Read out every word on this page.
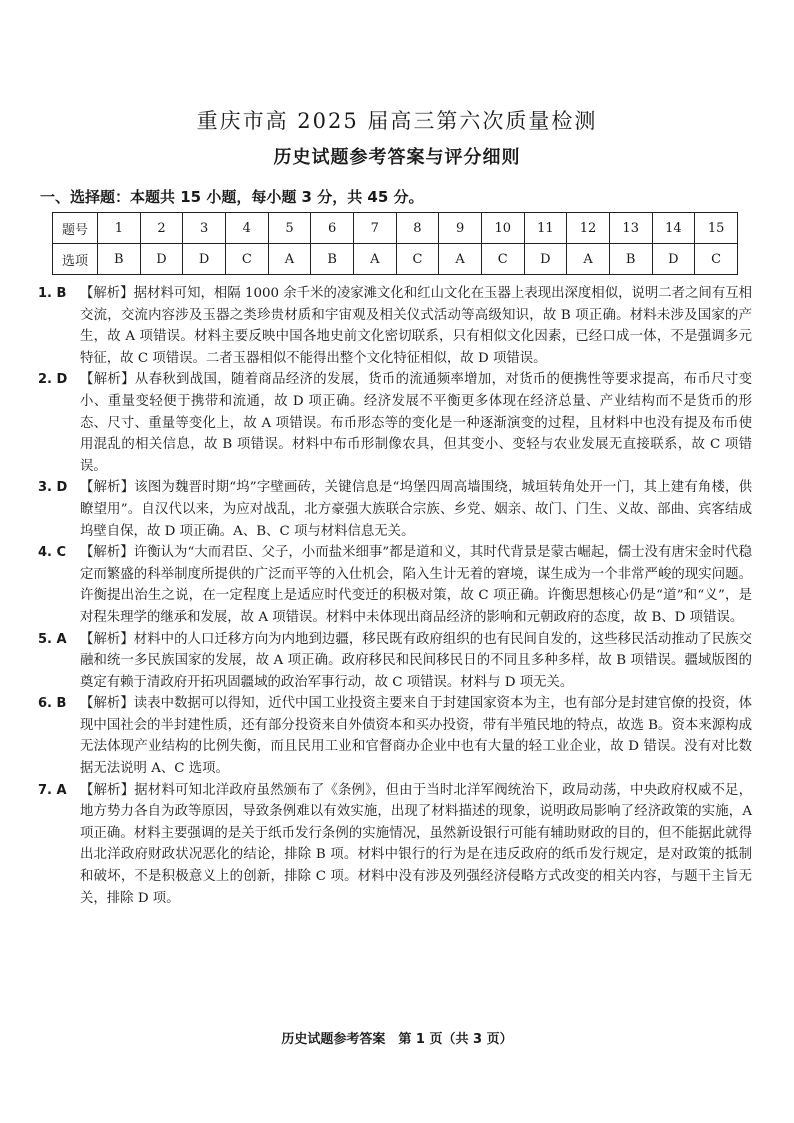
重庆市高 2025 届高三第六次质量检测
历史试题参考答案与评分细则
一、选择题：本题共 15 小题，每小题 3 分，共 45 分。
题号	1	2	3	4	5	6	7	8	9	10	11	12	13	14	15
选项	B	D	D	C	A	B	A	C	A	C	D	A	B	D	C
1. B	【解析】据材料可知，相隔 1000 余千米的凌家滩文化和红山文化在玉器上表现出深度相似，说明二者之间有互相交流，交流内容涉及玉器之类珍贵材质和宇宙观及相关仪式活动等高级知识，故 B 项正确。材料未涉及国家的产生，故 A 项错误。材料主要反映中国各地史前文化密切联系，只有相似文化因素，已经口成一体，不是强调多元特征，故 C 项错误。二者玉器相似不能得出整个文化特征相似，故 D 项错误。
2. D 【解析】从春秋到战国，随着商品经济的发展，货币的流通频率增加，对货币的便携性等要求提高，布币尺寸变小、重量变轻便于携带和流通，故 D 项正确。经济发展不平衡更多体现在经济总量、产业结构而不是货币的形态、尺寸、重量等变化上，故 A 项错误。布币形态等的变化是一种逐渐演变的过程，且材料中也没有提及布币使用混乱的相关信息，故 B 项错误。材料中布币形制像农具，但其变小、变轻与农业发展无直接联系，故 C 项错误。
3. D 【解析】该图为魏晋时期“坞”字壁画砖，关键信息是“坞堡四周高墙围绕，城垣转角处开一门，其上建有角楼，供瞭望用”。自汉代以来，为应对战乱，北方豪强大族联合宗族、乡党、姻亲、故门、门生、义故、部曲、宾客结成坞壁自保，故 D 项正确。A、B、C 项与材料信息无关。
4. C	【解析】许衡认为“大而君臣、父子，小而盐米细事”都是道和义，其时代背景是蒙古崛起，儒士没有唐宋金时代稳定而繁盛的科举制度所提供的广泛而平等的入仕机会，陷入生计无着的窘境，谋生成为一个非常严峻的现实问题。许衡提出治生之说，在一定程度上是适应时代变迁的积极对策，故 C 项正确。许衡思想核心仍是“道”和“义”，是对程朱理学的继承和发展，故 A 项错误。材料中未体现出商品经济的影响和元朝政府的态度，故 B、D 项错误。
5. A	【解析】材料中的人口迁移方向为内地到边疆，移民既有政府组织的也有民间自发的，这些移民活动推动了民族交融和统一多民族国家的发展，故 A 项正确。政府移民和民间移民日的不同且多种多样，故 B 项错误。疆域版图的奠定有赖于清政府开拓巩固疆域的政治军事行动，故 C 项错误。材料与 D 项无关。
6. B	【解析】读表中数据可以得知，近代中国工业投资主要来自于封建国家资本为主，也有部分是封建官僚的投资，体现中国社会的半封建性质，还有部分投资来自外债资本和买办投资，带有半殖民地的特点，故选 B。资本来源构成无法体现产业结构的比例失衡，而且民用工业和官督商办企业中也有大量的轻工业企业，故 D 错误。没有对比数据无法说明 A、C 选项。
7. A	【解析】据材料可知北洋政府虽然颁布了《条例》，但由于当时北洋军阀统治下，政局动荡，中央政府权威不足，地方势力各自为政等原因，导致条例难以有效实施，出现了材料描述的现象，说明政局影响了经济政策的实施，A 项正确。材料主要强调的是关于纸币发行条例的实施情况，虽然新设银行可能有辅助财政的目的，但不能据此就得出北洋政府财政状况恶化的结论，排除 B 项。材料中银行的行为是在违反政府的纸币发行规定，是对政策的抵制和破坏，不是积极意义上的创新，排除 C 项。材料中没有涉及列强经济侵略方式改变的相关内容，与题干主旨无关，排除 D 项。
历史试题参考答案　第 1 页（共 3 页）
